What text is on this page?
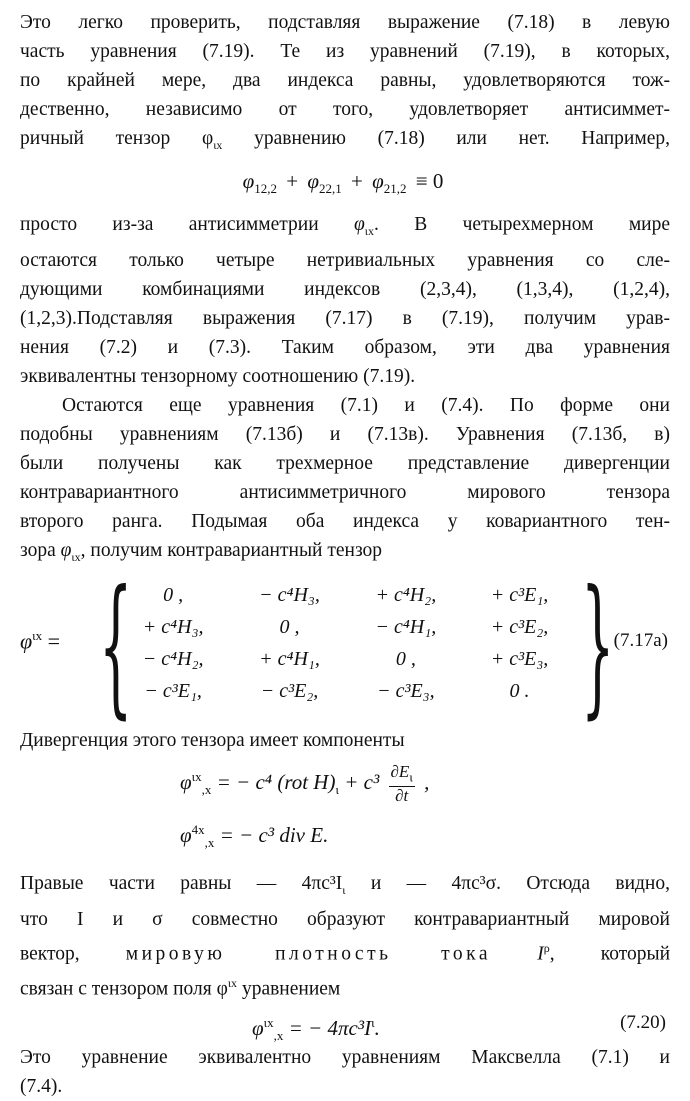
Это легко проверить, подставляя выражение (7.18) в левую

часть уравнения (7.19). Те из уравнений (7.19), в которых,

по крайней мере, два индекса равны, удовлетворяются тож-

дественно, независимо от того, удовлетворяет антисиммет-

ричный тензор $\varphi_{\iota x}$ уравнению (7.18) или нет. Например,

$\varphi_{12,2} + \varphi_{22,1} + \varphi_{21,2} \equiv 0$

просто из-за антисимметрии $\varphi_{\iota x}$. В четырехмерном мире

остаются только четыре нетривиальных уравнения со сле-

дующими комбинациями индексов (2,3,4), (1,3,4), (1,2,4),

(1,2,3).Подставляя выражения (7.17) в (7.19), получим урав-

нения (7.2) и (7.3). Таким образом, эти два уравнения

эквивалентны тензорному соотношению (7.19).

Остаются еще уравнения (7.1) и (7.4). По форме они

подобны уравнениям (7.13б) и (7.13в). Уравнения (7.13б, в)

были получены как трехмерное представление дивергенции

контравариантного антисимметричного мирового тензора

второго ранга. Подымая оба индекса у ковариантного тен-

зора $\varphi_{\iota x}$, получим контравариантный тензор

$\varphi^{\iota x}$ = { 0 ,	− c⁴H₃,	+ c⁴H₂,	+ c³E₁,
+ c⁴H₃,	0 ,	− c⁴H₁,	+ c³E₂,
− c⁴H₂,	+ c⁴H₁,	0 ,	+ c³E₃,
− c³E₁,	− c³E₂,	− c³E₃,	0 . } (7.17а)

Дивергенция этого тензора имеет компоненты

$\varphi^{\iota x}_{,x}$ = − c⁴ (rot $H)_\iota + c^3 \frac{\partial E_\iota}{\partial t}$ ,
$\varphi^{4x}_{,x}$ = − c³ div E.

Правые части равны — $4\pi c^3I_\iota$ и — 4πc³σ. Отсюда видно,

что I и σ совместно образуют контравариантный мировой

вектор, мировую плотность тока $I^\rho$, который

связан с тензором поля $\varphi^{\iota x}$ уравнением

$\varphi^{\iota x}_{,x}$ = − $4\pi c^3I^\iota$.	(7.20)

Это уравнение эквивалентно уравнениям Максвелла (7.1) и

(7.4).
